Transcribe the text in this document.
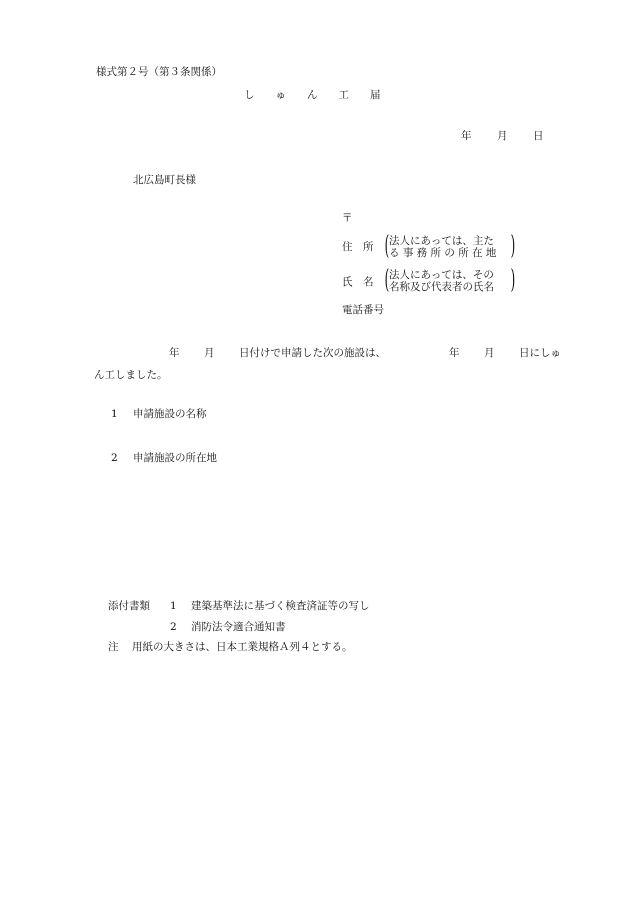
様式第２号（第３条関係）
し　　ゅ　　ん　　工　　届
年 月 日
北広島町長様
〒
住　所 ( 法人にあっては、主た
る 事 務 所 の 所 在 地 )
氏　名 ( 法人にあっては、その
名称及び代表者の氏名 )
電話番号
年 月 日付けで申請した次の施設は、	年 月 日にしゅ
ん工しました。
1 申請施設の名称
2 申請施設の所在地
添付書類 1 建築基準法に基づく検査済証等の写し
2 消防法令適合通知書
注 用紙の大きさは、日本工業規格Ａ列４とする。
